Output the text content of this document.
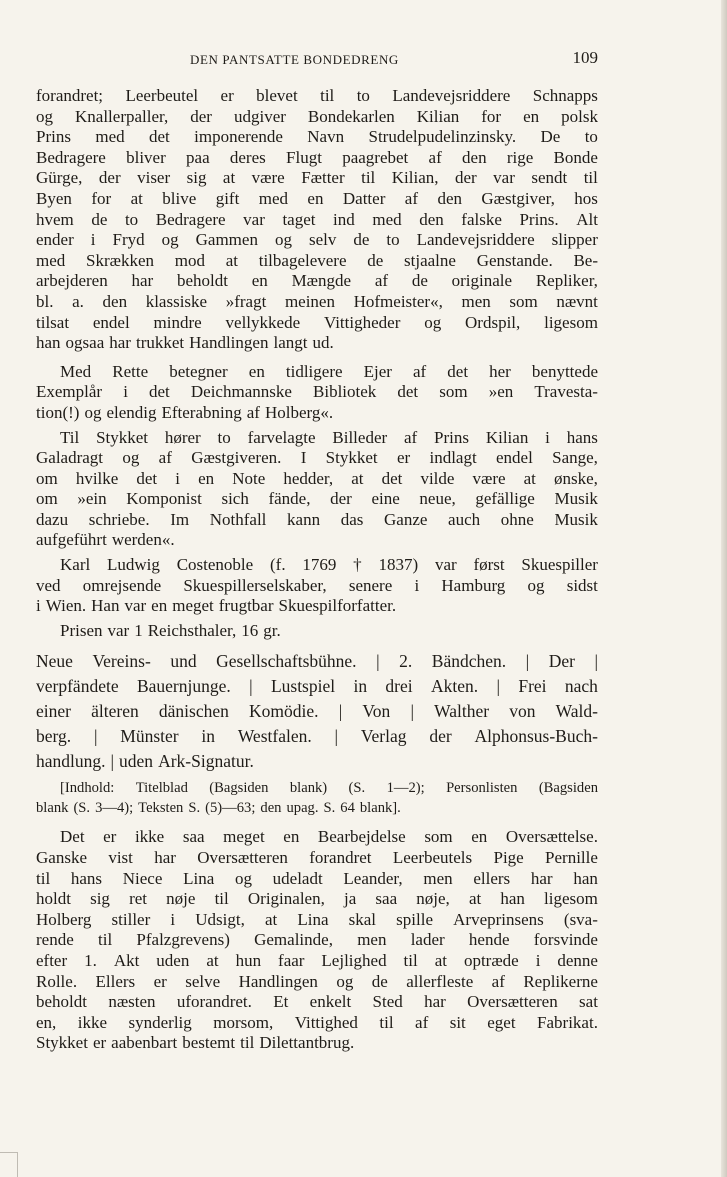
DEN PANTSATTE BONDEDRENG	109
forandret; Leerbeutel er blevet til to Landevejsriddere Schnapps
og Knallerpaller, der udgiver Bondekarlen Kilian for en polsk
Prins med det imponerende Navn Strudelpudelinzinsky. De to
Bedragere bliver paa deres Flugt paagrebet af den rige Bonde
Gürge, der viser sig at være Fætter til Kilian, der var sendt til
Byen for at blive gift med en Datter af den Gæstgiver, hos
hvem de to Bedragere var taget ind med den falske Prins. Alt
ender i Fryd og Gammen og selv de to Landevejsriddere slipper
med Skrækken mod at tilbagelevere de stjaalne Genstande. Be-
arbejderen har beholdt en Mængde af de originale Repliker,
bl. a. den klassiske »fragt meinen Hofmeister«, men som nævnt
tilsat endel mindre vellykkede Vittigheder og Ordspil, ligesom
han ogsaa har trukket Handlingen langt ud.
Med Rette betegner en tidligere Ejer af det her benyttede
Exemplår i det Deichmannske Bibliotek det som »en Travesta-
tion(!) og elendig Efterabning af Holberg«.
Til Stykket hører to farvelagte Billeder af Prins Kilian i hans
Galadragt og af Gæstgiveren. I Stykket er indlagt endel Sange,
om hvilke det i en Note hedder, at det vilde være at ønske,
om »ein Komponist sich fände, der eine neue, gefällige Musik
dazu schriebe. Im Nothfall kann das Ganze auch ohne Musik
aufgeführt werden«.
Karl Ludwig Costenoble (f. 1769 † 1837) var først Skuespiller
ved omrejsende Skuespillerselskaber, senere i Hamburg og sidst
i Wien. Han var en meget frugtbar Skuespilforfatter.
Prisen var 1 Reichsthaler, 16 gr.
Neue Vereins- und Gesellschaftsbühne. | 2. Bändchen. | Der |
verpfändete Bauernjunge. | Lustspiel in drei Akten. | Frei nach
einer älteren dänischen Komödie. | Von | Walther von Wald-
berg. | Münster in Westfalen. | Verlag der Alphonsus-Buch-
handlung. | uden Ark-Signatur.
[Indhold: Titelblad (Bagsiden blank) (S. 1—2); Personlisten (Bagsiden
blank (S. 3—4); Teksten S. (5)—63; den upag. S. 64 blank].
Det er ikke saa meget en Bearbejdelse som en Oversættelse.
Ganske vist har Oversætteren forandret Leerbeutels Pige Pernille
til hans Niece Lina og udeladt Leander, men ellers har han
holdt sig ret nøje til Originalen, ja saa nøje, at han ligesom
Holberg stiller i Udsigt, at Lina skal spille Arveprinsens (sva-
rende til Pfalzgrevens) Gemalinde, men lader hende forsvinde
efter 1. Akt uden at hun faar Lejlighed til at optræde i denne
Rolle. Ellers er selve Handlingen og de allerfleste af Replikerne
beholdt næsten uforandret. Et enkelt Sted har Oversætteren sat
en, ikke synderlig morsom, Vittighed til af sit eget Fabrikat.
Stykket er aabenbart bestemt til Dilettantbrug.
